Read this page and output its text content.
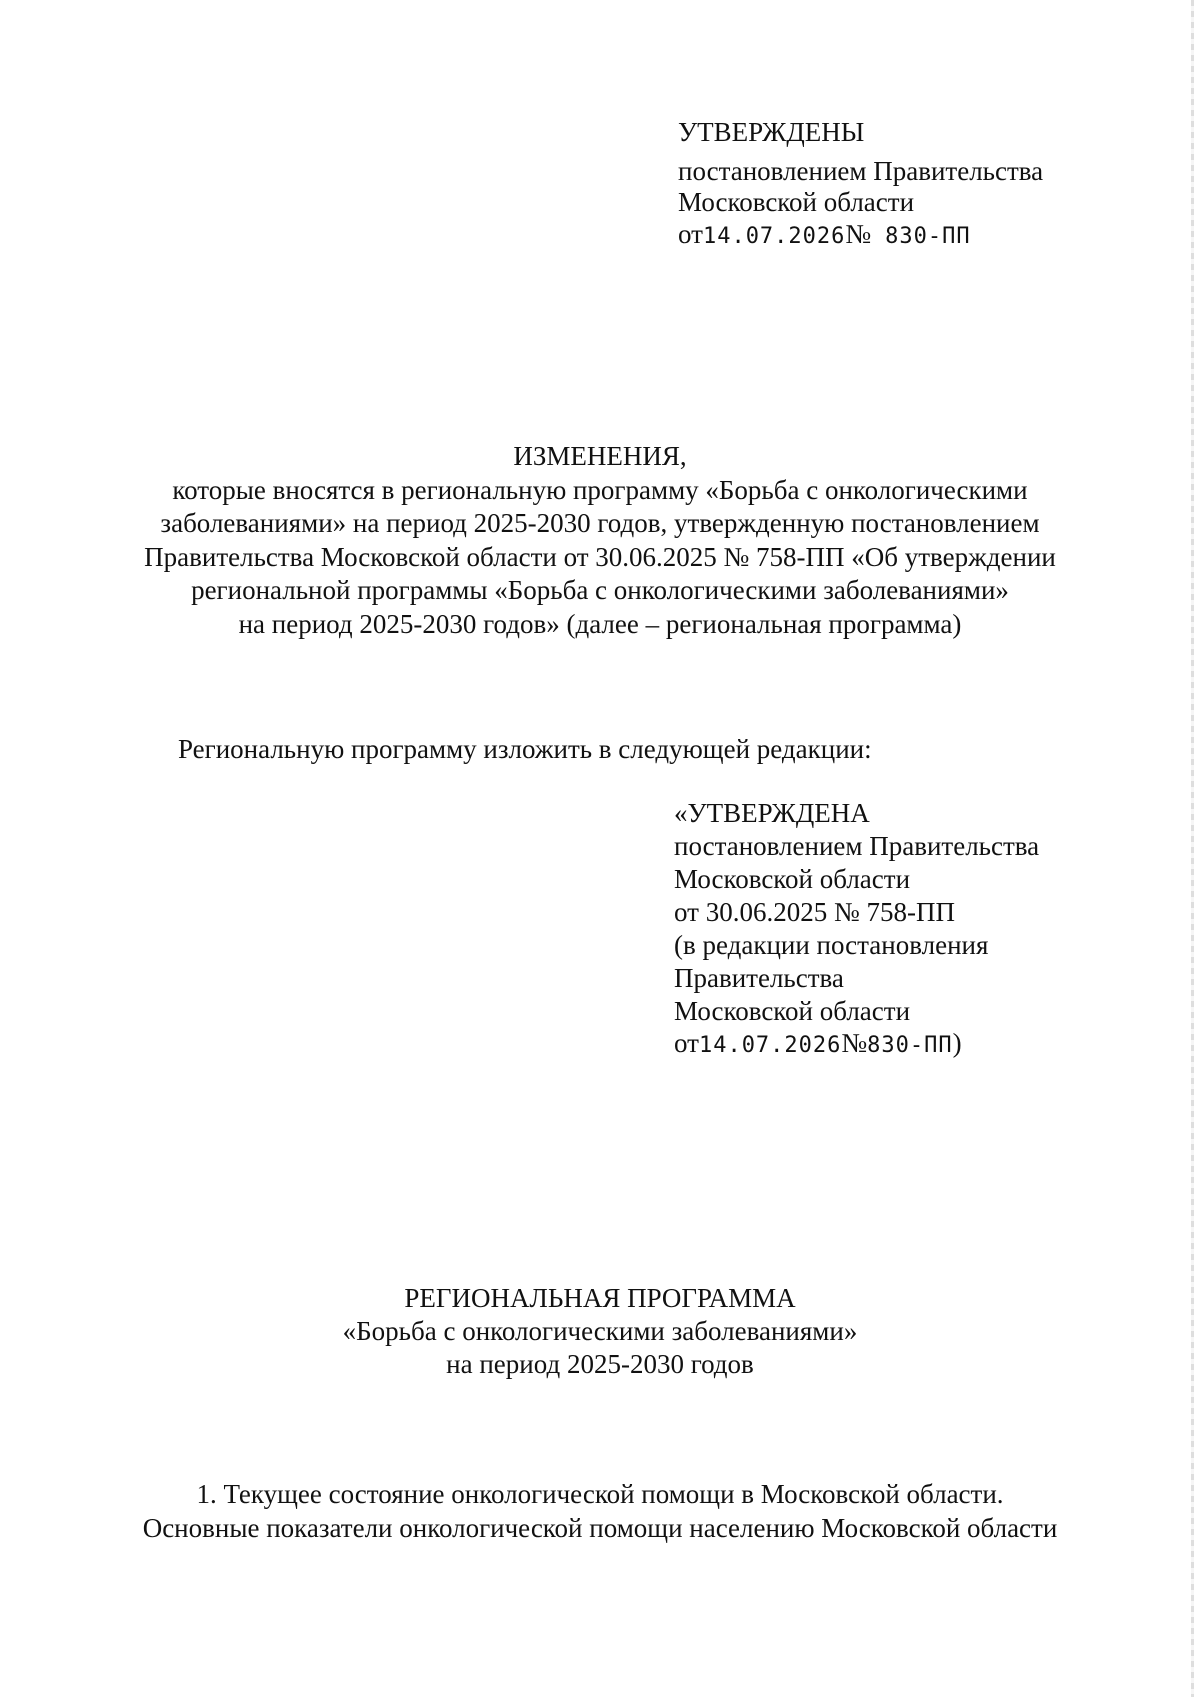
УТВЕРЖДЕНЫ
постановлением Правительства
Московской области
от14.07.2026№ 830-ПП
ИЗМЕНЕНИЯ,
которые вносятся в региональную программу «Борьба с онкологическими
заболеваниями» на период 2025-2030 годов, утвержденную постановлением
Правительства Московской области от 30.06.2025 № 758-ПП «Об утверждении
региональной программы «Борьба с онкологическими заболеваниями»
на период 2025-2030 годов» (далее – региональная программа)
Региональную программу изложить в следующей редакции:
«УТВЕРЖДЕНА
постановлением Правительства
Московской области
от 30.06.2025 № 758-ПП
(в редакции постановления
Правительства
Московской области
от14.07.2026№830-ПП)
РЕГИОНАЛЬНАЯ ПРОГРАММА
«Борьба с онкологическими заболеваниями»
на период 2025-2030 годов
1. Текущее состояние онкологической помощи в Московской области.
Основные показатели онкологической помощи населению Московской области
